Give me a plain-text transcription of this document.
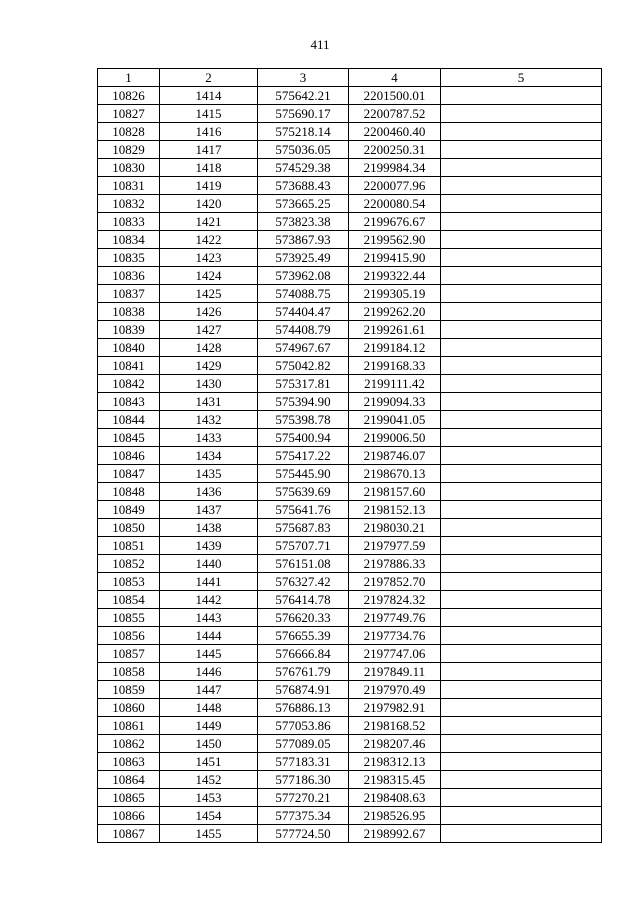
411
1	2	3	4	5
10826	1414	575642.21	2201500.01	
10827	1415	575690.17	2200787.52	
10828	1416	575218.14	2200460.40	
10829	1417	575036.05	2200250.31	
10830	1418	574529.38	2199984.34	
10831	1419	573688.43	2200077.96	
10832	1420	573665.25	2200080.54	
10833	1421	573823.38	2199676.67	
10834	1422	573867.93	2199562.90	
10835	1423	573925.49	2199415.90	
10836	1424	573962.08	2199322.44	
10837	1425	574088.75	2199305.19	
10838	1426	574404.47	2199262.20	
10839	1427	574408.79	2199261.61	
10840	1428	574967.67	2199184.12	
10841	1429	575042.82	2199168.33	
10842	1430	575317.81	2199111.42	
10843	1431	575394.90	2199094.33	
10844	1432	575398.78	2199041.05	
10845	1433	575400.94	2199006.50	
10846	1434	575417.22	2198746.07	
10847	1435	575445.90	2198670.13	
10848	1436	575639.69	2198157.60	
10849	1437	575641.76	2198152.13	
10850	1438	575687.83	2198030.21	
10851	1439	575707.71	2197977.59	
10852	1440	576151.08	2197886.33	
10853	1441	576327.42	2197852.70	
10854	1442	576414.78	2197824.32	
10855	1443	576620.33	2197749.76	
10856	1444	576655.39	2197734.76	
10857	1445	576666.84	2197747.06	
10858	1446	576761.79	2197849.11	
10859	1447	576874.91	2197970.49	
10860	1448	576886.13	2197982.91	
10861	1449	577053.86	2198168.52	
10862	1450	577089.05	2198207.46	
10863	1451	577183.31	2198312.13	
10864	1452	577186.30	2198315.45	
10865	1453	577270.21	2198408.63	
10866	1454	577375.34	2198526.95	
10867	1455	577724.50	2198992.67	
